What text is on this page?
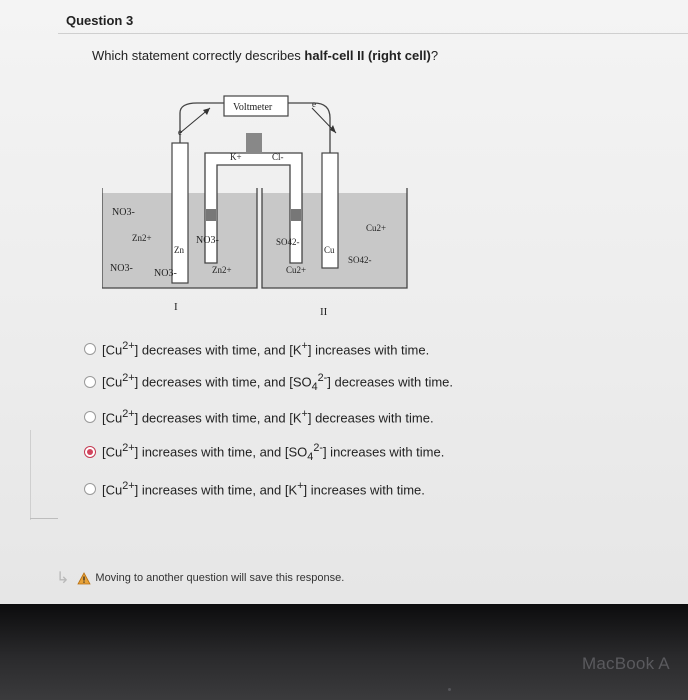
Question 3
Which statement correctly describes half-cell II (right cell)?
Voltmeter
e
e
K+	Cl-
NO3-
Zn2+
Zn
NO3-
NO3- NO3-	Zn2+
I
SO42-
Cu2+
Cu
Cu2+
SO42-
II
$[Cu^{2+}]$ decreases with time, and [K+] increases with time.
$[Cu^{2+}]$ decreases with time, and $[SO_4^{2-}]$ decreases with time.
$[Cu^{2+}]$ decreases with time, and [K+] decreases with time.
$[Cu^{2+}]$ increases with time, and $[SO_4^{2-}]$ increases with time.
$[Cu^{2+}]$ increases with time, and [K+] increases with time.
↳ Moving to another question will save this response.
MacBook A
